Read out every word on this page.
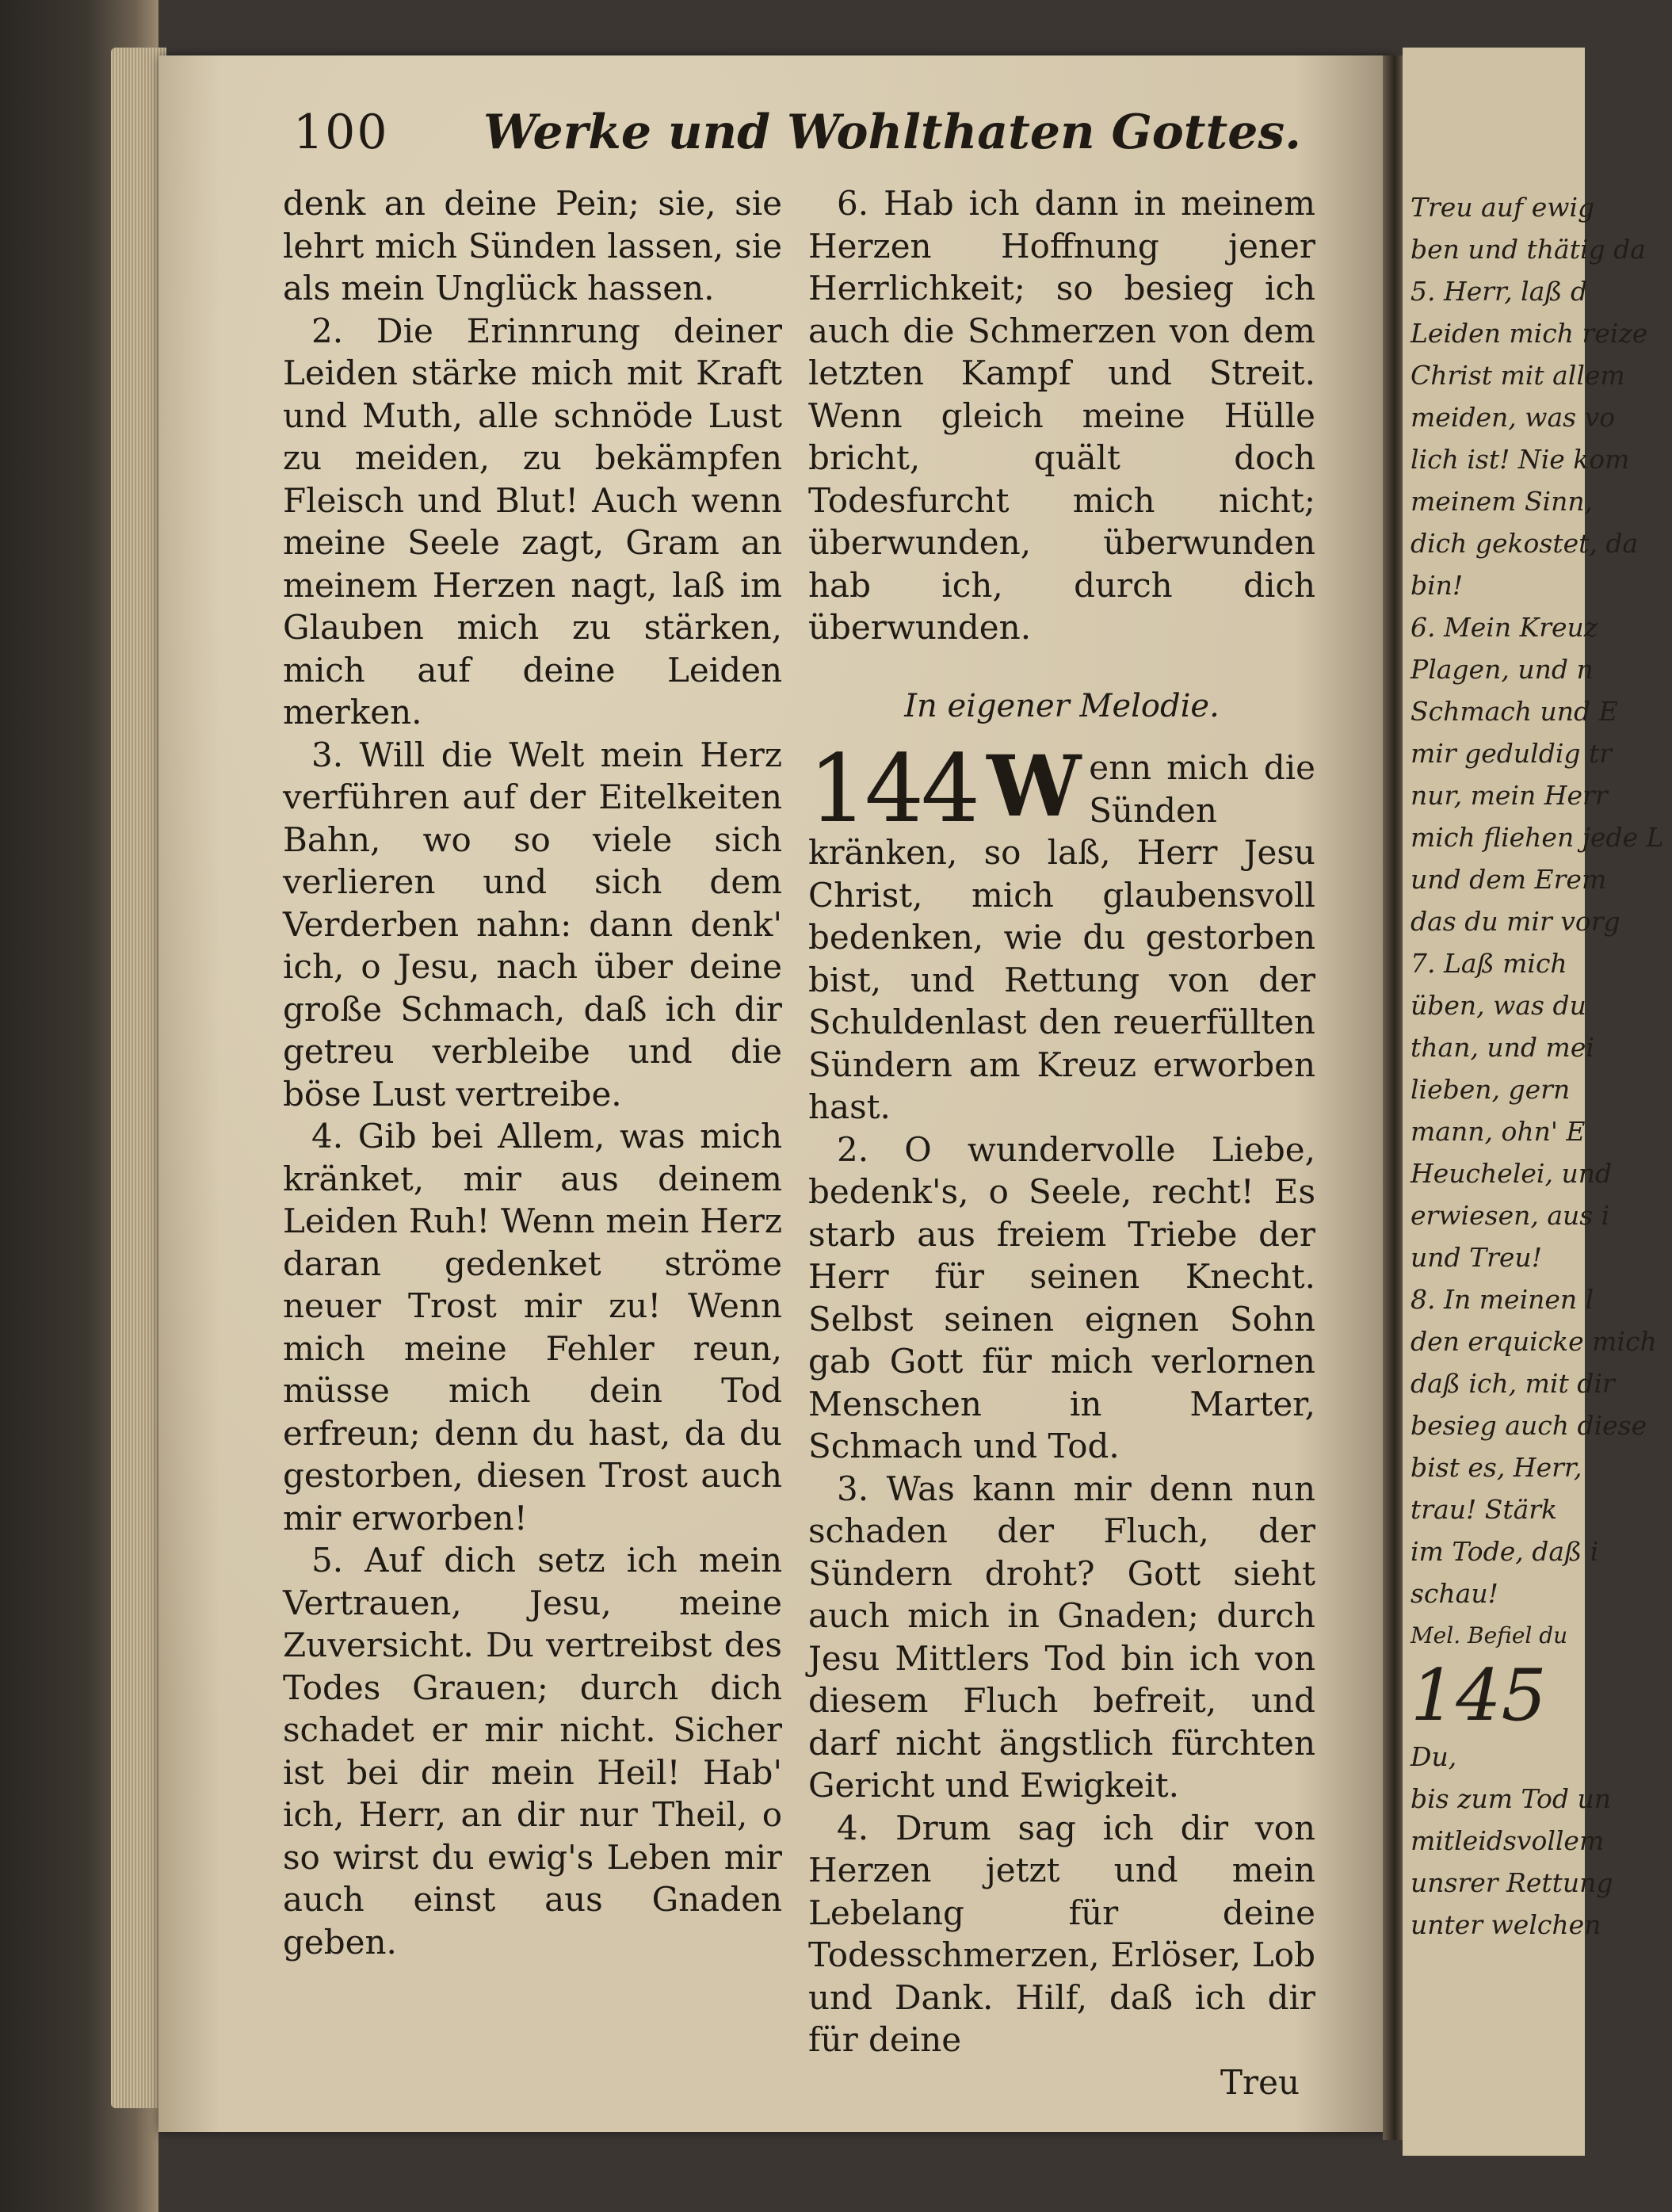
100 Werke und Wohlthaten Gottes.

denk an deine Pein; sie, sie lehrt mich Sünden lassen, sie als mein Unglück hassen.

2. Die Erinnrung deiner Leiden stärke mich mit Kraft und Muth, alle schnöde Lust zu meiden, zu bekämpfen Fleisch und Blut! Auch wenn meine Seele zagt, Gram an meinem Herzen nagt, laß im Glauben mich zu stärken, mich auf deine Leiden merken.

3. Will die Welt mein Herz verführen auf der Eitelkeiten Bahn, wo so viele sich verlieren und sich dem Verderben nahn: dann denk' ich, o Jesu, nach über deine große Schmach, daß ich dir getreu verbleibe und die böse Lust vertreibe.

4. Gib bei Allem, was mich kränket, mir aus deinem Leiden Ruh! Wenn mein Herz daran gedenket ströme neuer Trost mir zu! Wenn mich meine Fehler reun, müsse mich dein Tod erfreun; denn du hast, da du gestorben, diesen Trost auch mir erworben!

5. Auf dich setz ich mein Vertrauen, Jesu, meine Zuversicht. Du vertreibst des Todes Grauen; durch dich schadet er mir nicht. Sicher ist bei dir mein Heil! Hab' ich, Herr, an dir nur Theil, o so wirst du ewig's Leben mir auch einst aus Gnaden geben.

6. Hab ich dann in meinem Herzen Hoffnung jener Herrlichkeit; so besieg ich auch die Schmerzen von dem letzten Kampf und Streit. Wenn gleich meine Hülle bricht, quält doch Todesfurcht mich nicht; überwunden, überwunden hab ich, durch dich überwunden.

In eigener Melodie.

144 W enn mich die Sünden kränken, so laß, Herr Jesu Christ, mich glaubensvoll bedenken, wie du gestorben bist, und Rettung von der Schuldenlast den reuerfüllten Sündern am Kreuz erworben hast.

2. O wundervolle Liebe, bedenk's, o Seele, recht! Es starb aus freiem Triebe der Herr für seinen Knecht. Selbst seinen eignen Sohn gab Gott für mich verlornen Menschen in Marter, Schmach und Tod.

3. Was kann mir denn nun schaden der Fluch, der Sündern droht? Gott sieht auch mich in Gnaden; durch Jesu Mittlers Tod bin ich von diesem Fluch befreit, und darf nicht ängstlich fürchten Gericht und Ewigkeit.

4. Drum sag ich dir von Herzen jetzt und mein Lebelang für deine Todesschmerzen, Erlöser, Lob und Dank. Hilf, daß ich dir für deine

Treu

Treu auf ewig

ben und thätig da

5. Herr, laß d

Leiden mich reize

Christ mit allem

meiden, was vo

lich ist! Nie kom

meinem Sinn,

dich gekostet, da

bin!

6. Mein Kreuz

Plagen, und n

Schmach und E

mir geduldig tr

nur, mein Herr

mich fliehen jede L

und dem Erem

das du mir vorg

7. Laß mich

üben, was du

than, und mei

lieben, gern

mann, ohn' E

Heuchelei, und

erwiesen, aus i

und Treu!

8. In meinen l

den erquicke mich

daß ich, mit dir

besieg auch diese

bist es, Herr,

trau! Stärk

im Tode, daß i

schau!

Mel. Befiel du

145

Du,

bis zum Tod un

mitleidsvollem

unsrer Rettung

unter welchen
